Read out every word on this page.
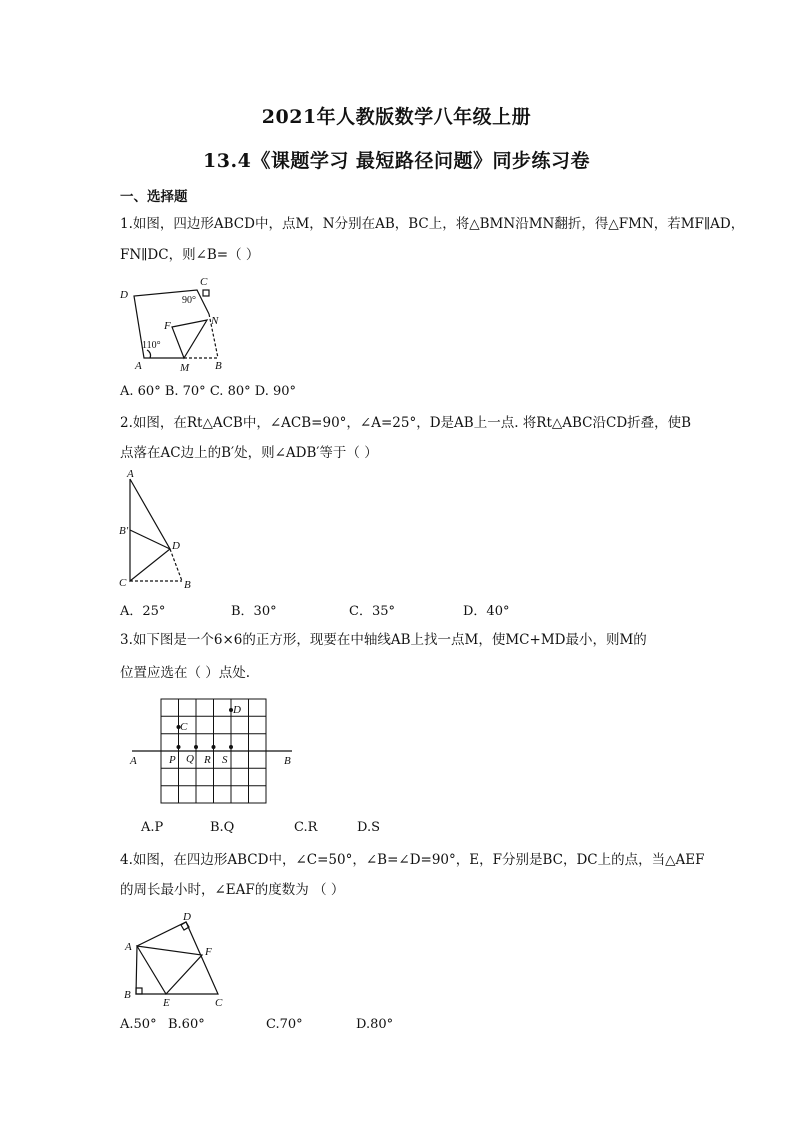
2021年人教版数学八年级上册
13.4《课题学习 最短路径问题》同步练习卷
一、选择题
1.如图，四边形ABCD中，点M，N分别在AB，BC上，将△BMN沿MN翻折，得△FMN，若MF∥AD，
FN∥DC，则∠B=（ ）
D
C
90°
F	N
110°
A	M B
A. 60° B. 70° C. 80° D. 90°
2.如图，在Rt△ACB中，∠ACB=90°，∠A=25°，D是AB上一点. 将Rt△ABC沿CD折叠，使B
点落在AC边上的B′处，则∠ADB′等于（ ）
A
B′
D
C	B
A．25°	B．30°	C．35°	D．40°
3.如下图是一个6×6的正方形，现要在中轴线AB上找一点M，使MC+MD最小，则M的
位置应选在（ ）点处.
C
D
A	B
P Q R S
A.P	B.Q	C.R	D.S
4.如图，在四边形ABCD中，∠C=50°，∠B=∠D=90°，E，F分别是BC，DC上的点，当△AEF
的周长最小时，∠EAF的度数为 （ ）
D
A	F
B
E	C
A.50° B.60°	C.70°	D.80°
